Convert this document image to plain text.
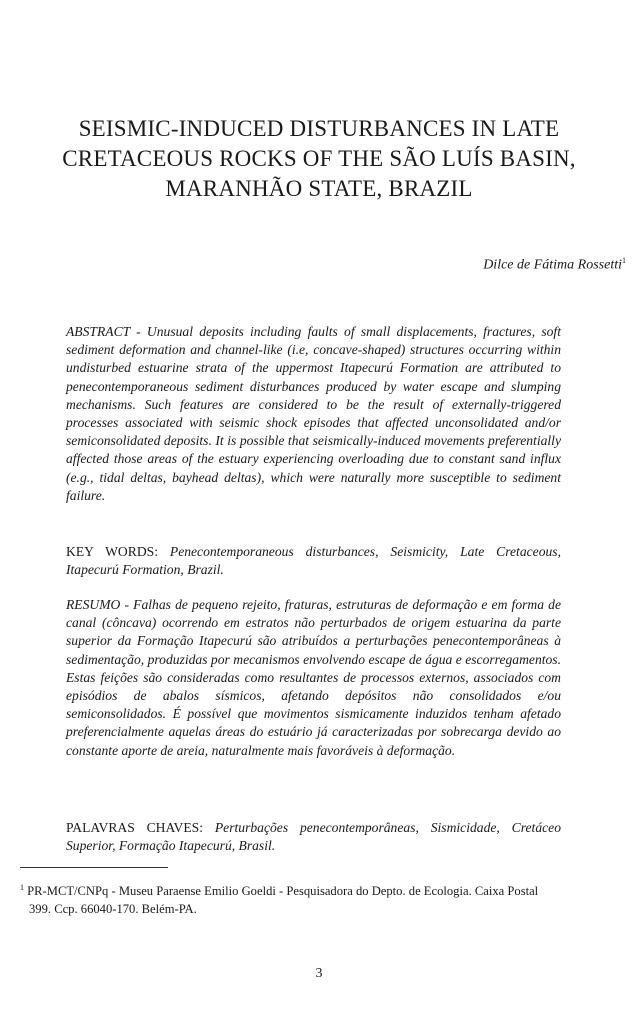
SEISMIC-INDUCED DISTURBANCES IN LATE
CRETACEOUS ROCKS OF THE SÃO LUÍS BASIN,
MARANHÃO STATE, BRAZIL
Dilce de Fátima Rossetti$^1$
ABSTRACT - Unusual deposits including faults of small displacements, fractures, soft sediment deformation and channel-like (i.e, concave-shaped) structures occurring within undisturbed estuarine strata of the uppermost Itapecurú Formation are attributed to penecontemporaneous sediment disturbances produced by water escape and slumping mechanisms. Such features are considered to be the result of externally-triggered processes associated with seismic shock episodes that affected unconsolidated and/or semiconsolidated deposits. It is possible that seismically-induced movements preferentially affected those areas of the estuary experiencing overloading due to constant sand influx (e.g., tidal deltas, bayhead deltas), which were naturally more susceptible to sediment failure.
KEY WORDS: Penecontemporaneous disturbances, Seismicity, Late Cretaceous, Itapecurú Formation, Brazil.
RESUMO - Falhas de pequeno rejeito, fraturas, estruturas de deformação e em forma de canal (côncava) ocorrendo em estratos não perturbados de origem estuarina da parte superior da Formação Itapecurú são atribuídos a perturbações penecontemporâneas à sedimentação, produzidas por mecanismos envolvendo escape de água e escorregamentos. Estas feições são consideradas como resultantes de processos externos, associados com episódios de abalos sísmicos, afetando depósitos não consolidados e/ou semiconsolidados. É possível que movimentos sismicamente induzidos tenham afetado preferencialmente aquelas áreas do estuário já caracterizadas por sobrecarga devido ao constante aporte de areia, naturalmente mais favoráveis à deformação.
PALAVRAS CHAVES: Perturbações penecontemporâneas, Sismicidade, Cretáceo Superior, Formação Itapecurú, Brasil.
$^1$ PR-MCT/CNPq - Museu Paraense Emilio Goeldi - Pesquisadora do Depto. de Ecologia. Caixa Postal
399. Ccp. 66040-170. Belém-PA.
3
